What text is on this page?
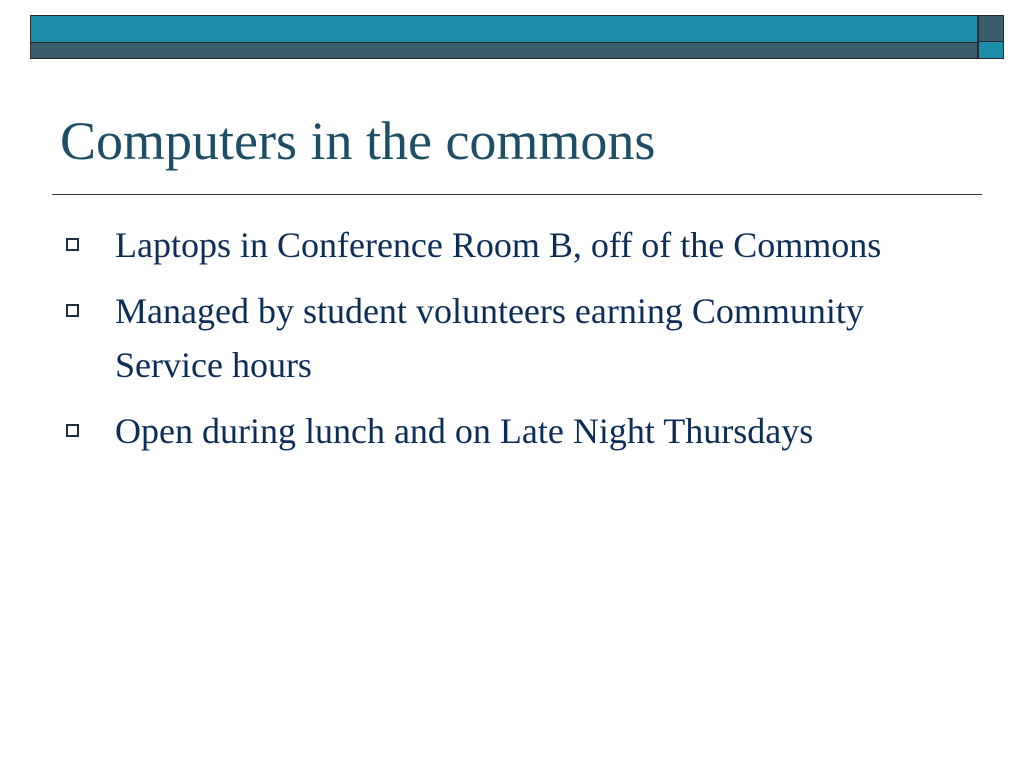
Computers in the commons
Laptops in Conference Room B, off of the Commons
Managed by student volunteers earning Community Service hours
Open during lunch and on Late Night Thursdays
